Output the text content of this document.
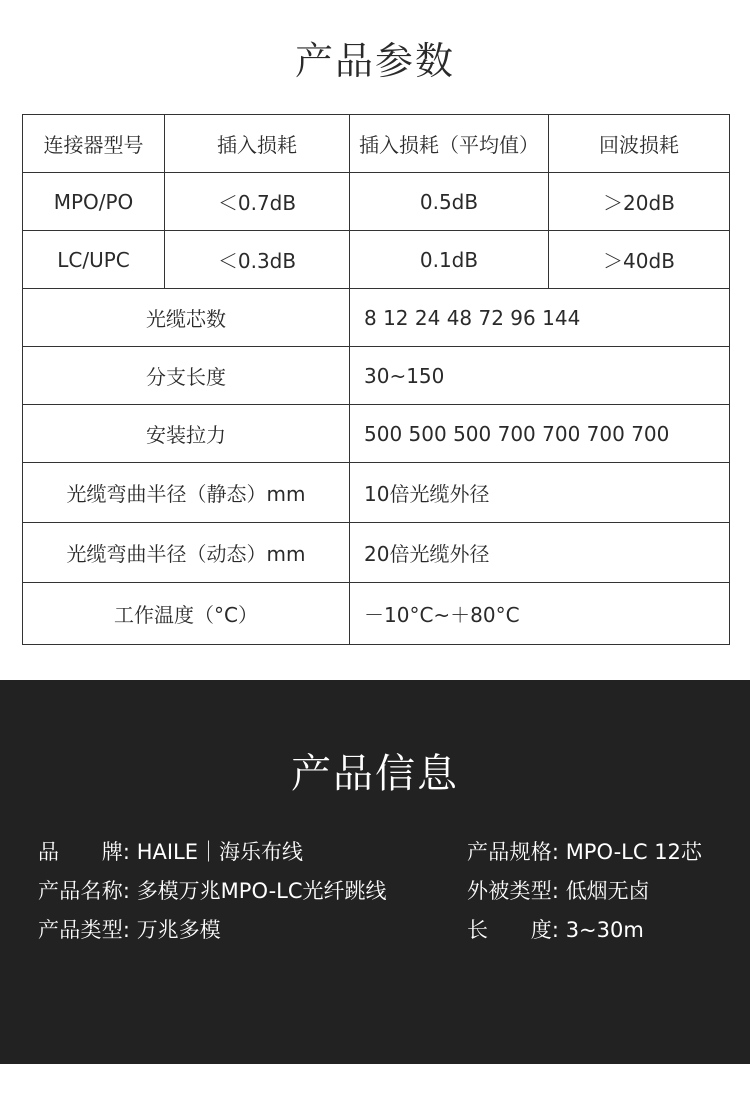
产品参数
连接器型号	插入损耗	插入损耗（平均值）	回波损耗
MPO/PO	＜0.7dB	0.5dB	＞20dB
LC/UPC	＜0.3dB	0.1dB	＞40dB
光缆芯数		8 12 24 48 72 96 144	
分支长度		30~150	
安装拉力		500 500 500 700 700 700 700	
光缆弯曲半径（静态）mm		10倍光缆外径	
光缆弯曲半径（动态）mm		20倍光缆外径	
工作温度（°C）		－10°C~＋80°C	
产品信息
品　　牌: HAILE｜海乐布线	产品规格: MPO-LC 12芯
产品名称: 多模万兆MPO-LC光纤跳线	外被类型: 低烟无卤
产品类型: 万兆多模	长　　度: 3~30m
